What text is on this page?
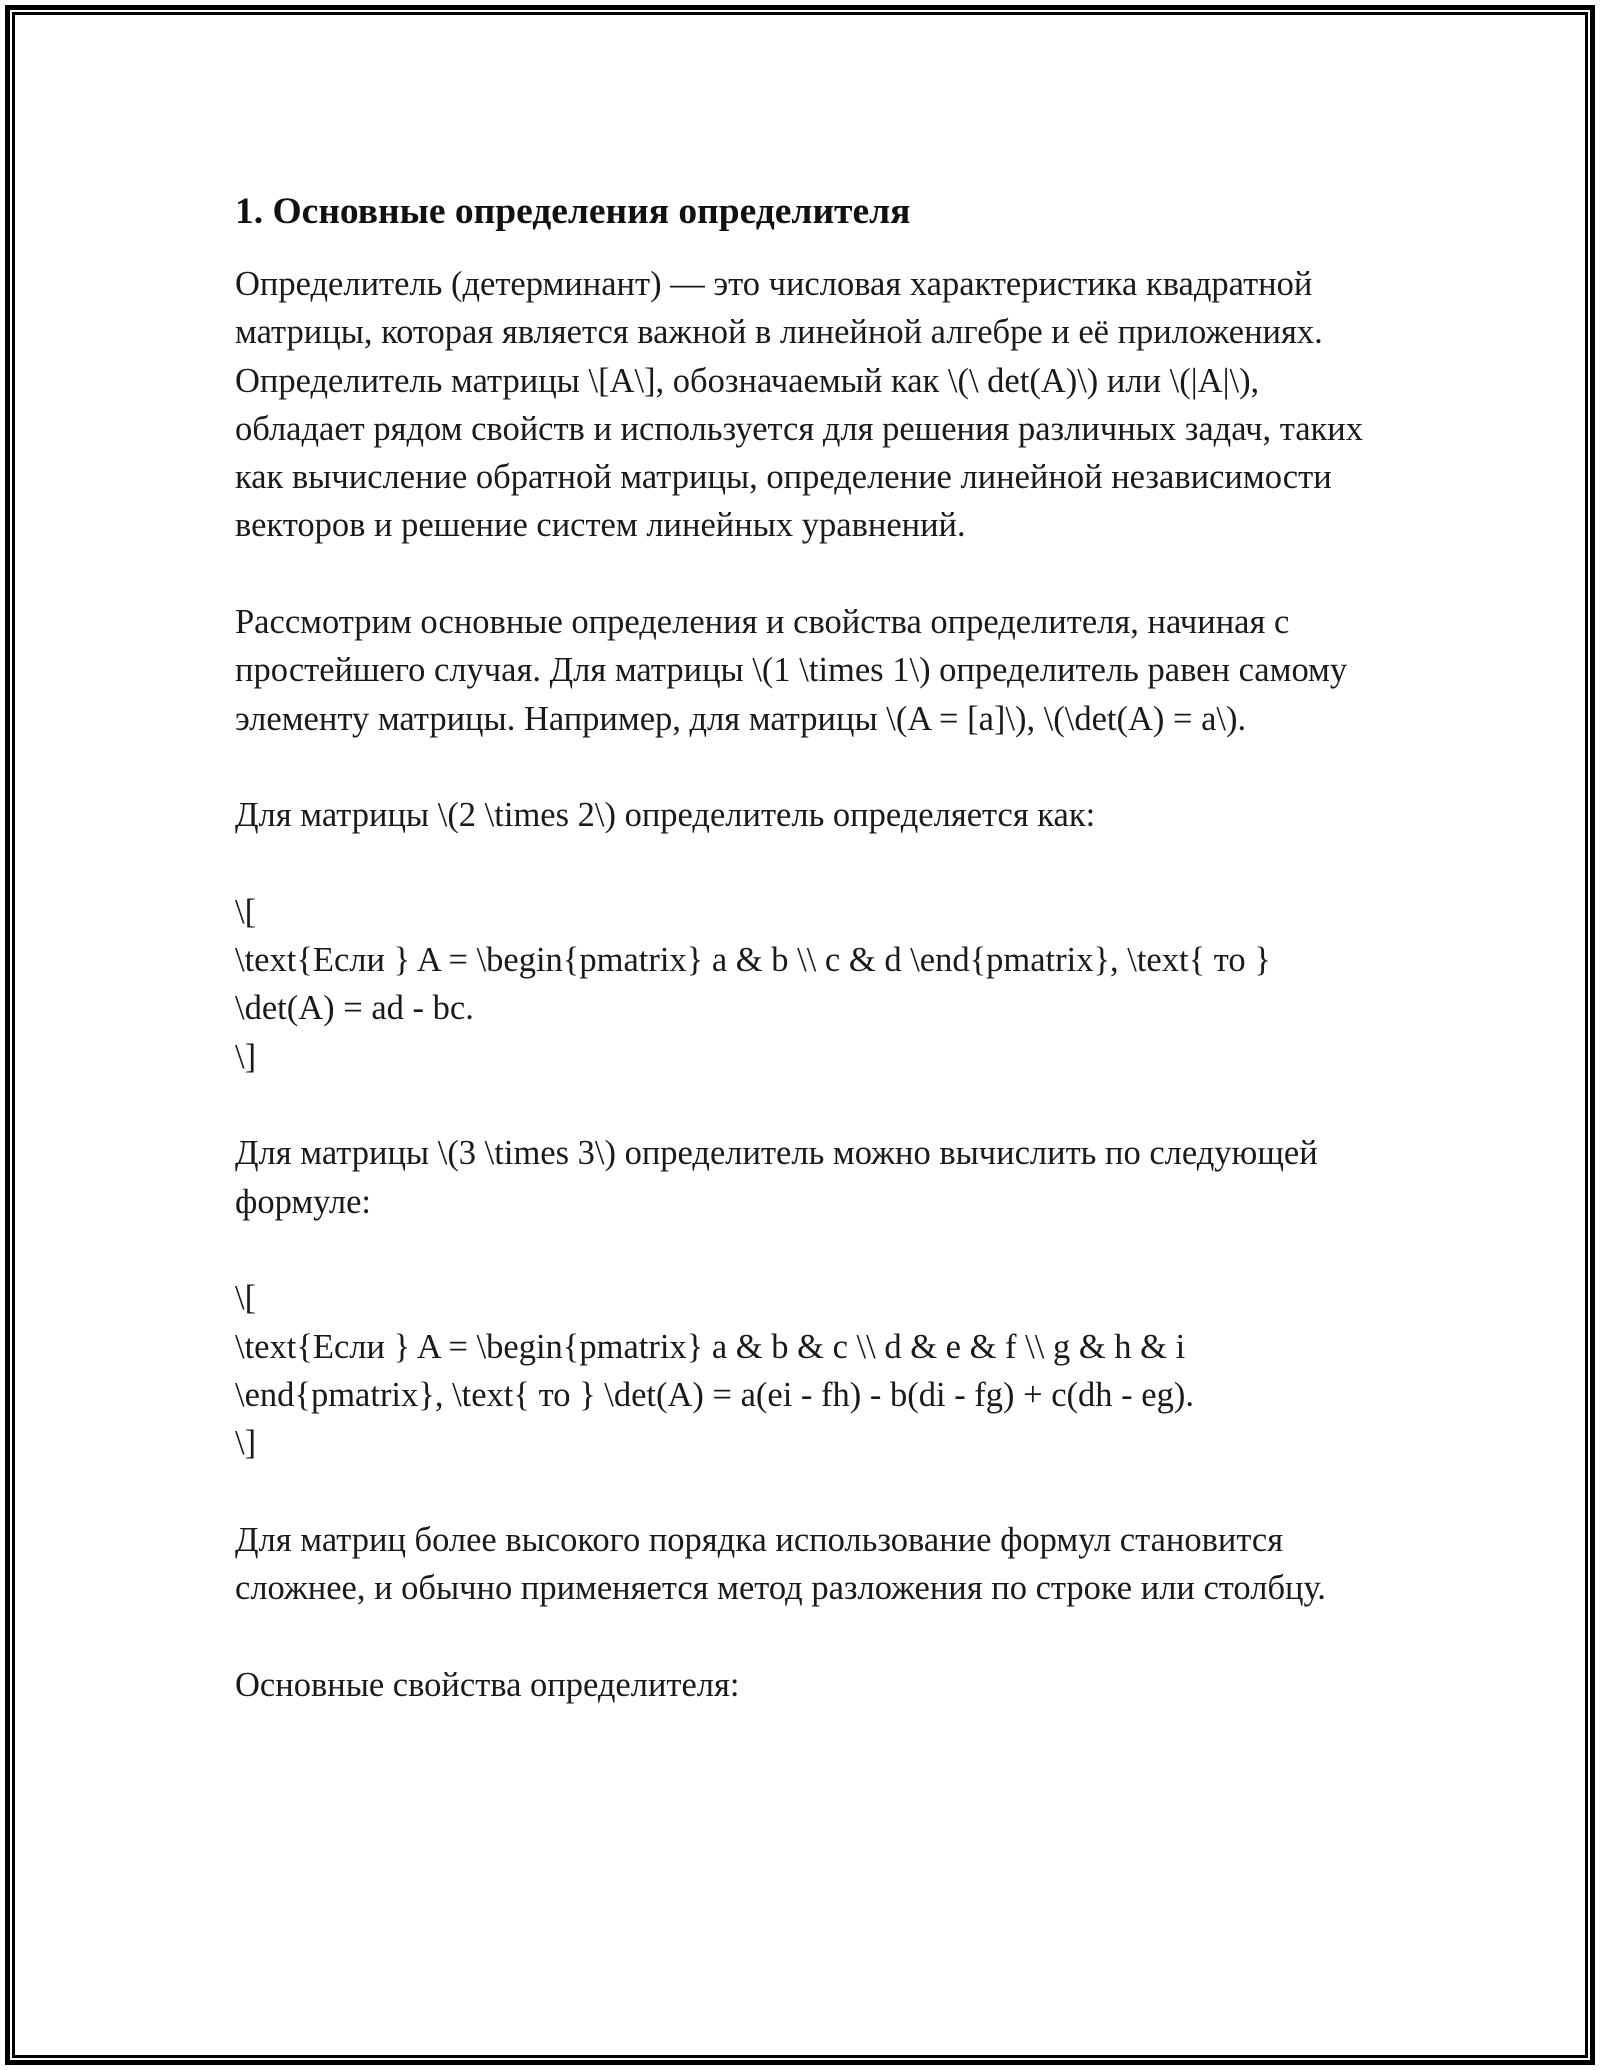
1. Основные определения определителя

Определитель (детерминант) — это числовая характеристика квадратной матрицы, которая является важной в линейной алгебре и её приложениях. Определитель матрицы \[A\], обозначаемый как \(\ det(A)\) или \(|A|\), обладает рядом свойств и используется для решения различных задач, таких как вычисление обратной матрицы, определение линейной независимости векторов и решение систем линейных уравнений.

Рассмотрим основные определения и свойства определителя, начиная с простейшего случая. Для матрицы \(1 \times 1\) определитель равен самому элементу матрицы. Например, для матрицы \(A = [a]\), \(\det(A) = a\).

Для матрицы \(2 \times 2\) определитель определяется как:

\[
\text{Если } A = \begin{pmatrix} a & b \\ c & d \end{pmatrix}, \text{ то } \det(A) = ad - bc.
\]

Для матрицы \(3 \times 3\) определитель можно вычислить по следующей формуле:

\[
\text{Если } A = \begin{pmatrix} a & b & c \\ d & e & f \\ g & h & i \end{pmatrix}, \text{ то } \det(A) = a(ei - fh) - b(di - fg) + c(dh - eg).
\]

Для матриц более высокого порядка использование формул становится сложнее, и обычно применяется метод разложения по строке или столбцу.

Основные свойства определителя:
